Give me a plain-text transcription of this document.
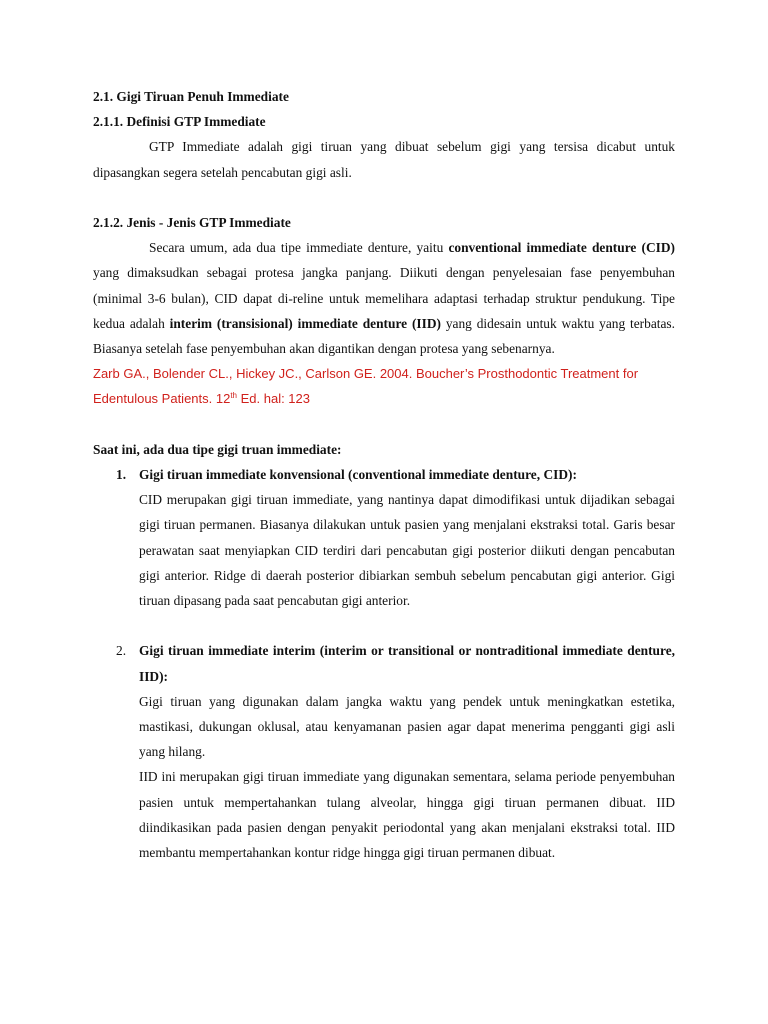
2.1. Gigi Tiruan Penuh Immediate

2.1.1. Definisi GTP Immediate

GTP Immediate adalah gigi tiruan yang dibuat sebelum gigi yang tersisa dicabut untuk dipasangkan segera setelah pencabutan gigi asli.

2.1.2. Jenis - Jenis GTP Immediate

Secara umum, ada dua tipe immediate denture, yaitu conventional immediate denture (CID) yang dimaksudkan sebagai protesa jangka panjang. Diikuti dengan penyelesaian fase penyembuhan (minimal 3-6 bulan), CID dapat di-reline untuk memelihara adaptasi terhadap struktur pendukung. Tipe kedua adalah interim (transisional) immediate denture (IID) yang didesain untuk waktu yang terbatas. Biasanya setelah fase penyembuhan akan digantikan dengan protesa yang sebenarnya.

Zarb GA., Bolender CL., Hickey JC., Carlson GE. 2004. Boucher’s Prosthodontic Treatment for Edentulous Patients. 12th Ed. hal: 123

Saat ini, ada dua tipe gigi truan immediate:

1. Gigi tiruan immediate konvensional (conventional immediate denture, CID):

CID merupakan gigi tiruan immediate, yang nantinya dapat dimodifikasi untuk dijadikan sebagai gigi tiruan permanen. Biasanya dilakukan untuk pasien yang menjalani ekstraksi total. Garis besar perawatan saat menyiapkan CID terdiri dari pencabutan gigi posterior diikuti dengan pencabutan gigi anterior. Ridge di daerah posterior dibiarkan sembuh sebelum pencabutan gigi anterior. Gigi tiruan dipasang pada saat pencabutan gigi anterior.

2. Gigi tiruan immediate interim (interim or transitional or nontraditional immediate denture, IID):

Gigi tiruan yang digunakan dalam jangka waktu yang pendek untuk meningkatkan estetika, mastikasi, dukungan oklusal, atau kenyamanan pasien agar dapat menerima pengganti gigi asli yang hilang.

IID ini merupakan gigi tiruan immediate yang digunakan sementara, selama periode penyembuhan pasien untuk mempertahankan tulang alveolar, hingga gigi tiruan permanen dibuat. IID diindikasikan pada pasien dengan penyakit periodontal yang akan menjalani ekstraksi total. IID membantu mempertahankan kontur ridge hingga gigi tiruan permanen dibuat.
